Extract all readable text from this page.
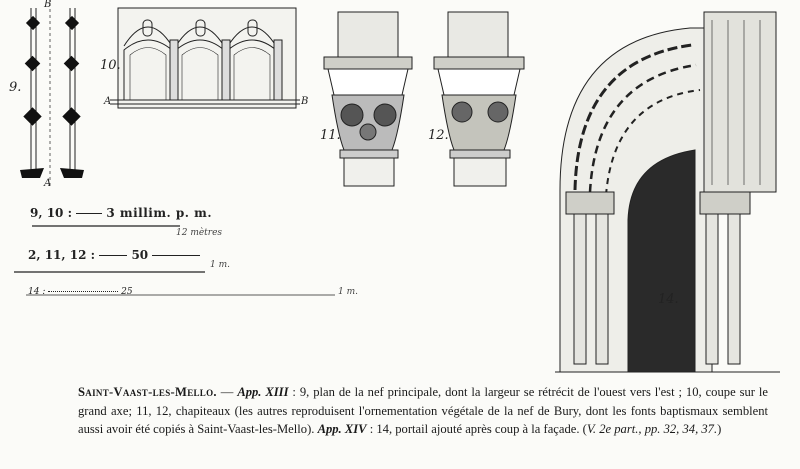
9.
B
A
10.
A	B
11.	12.
14.
9, 10 :	3 millim. p. m.
12 mètres
2, 11, 12 :	50
1 m.
14 :	25	1 m.
Saint-Vaast-les-Mello. — App. XIII : 9, plan de la nef principale, dont la largeur se rétrécit de l'ouest vers l'est ; 10, coupe sur le grand axe; 11, 12, chapiteaux (les autres reproduisent l'ornementation végétale de la nef de Bury, dont les fonts baptismaux semblent aussi avoir été copiés à Saint-Vaast-les-Mello). App. XIV : 14, portail ajouté après coup à la façade. (V. 2e part., pp. 32, 34, 37.)
